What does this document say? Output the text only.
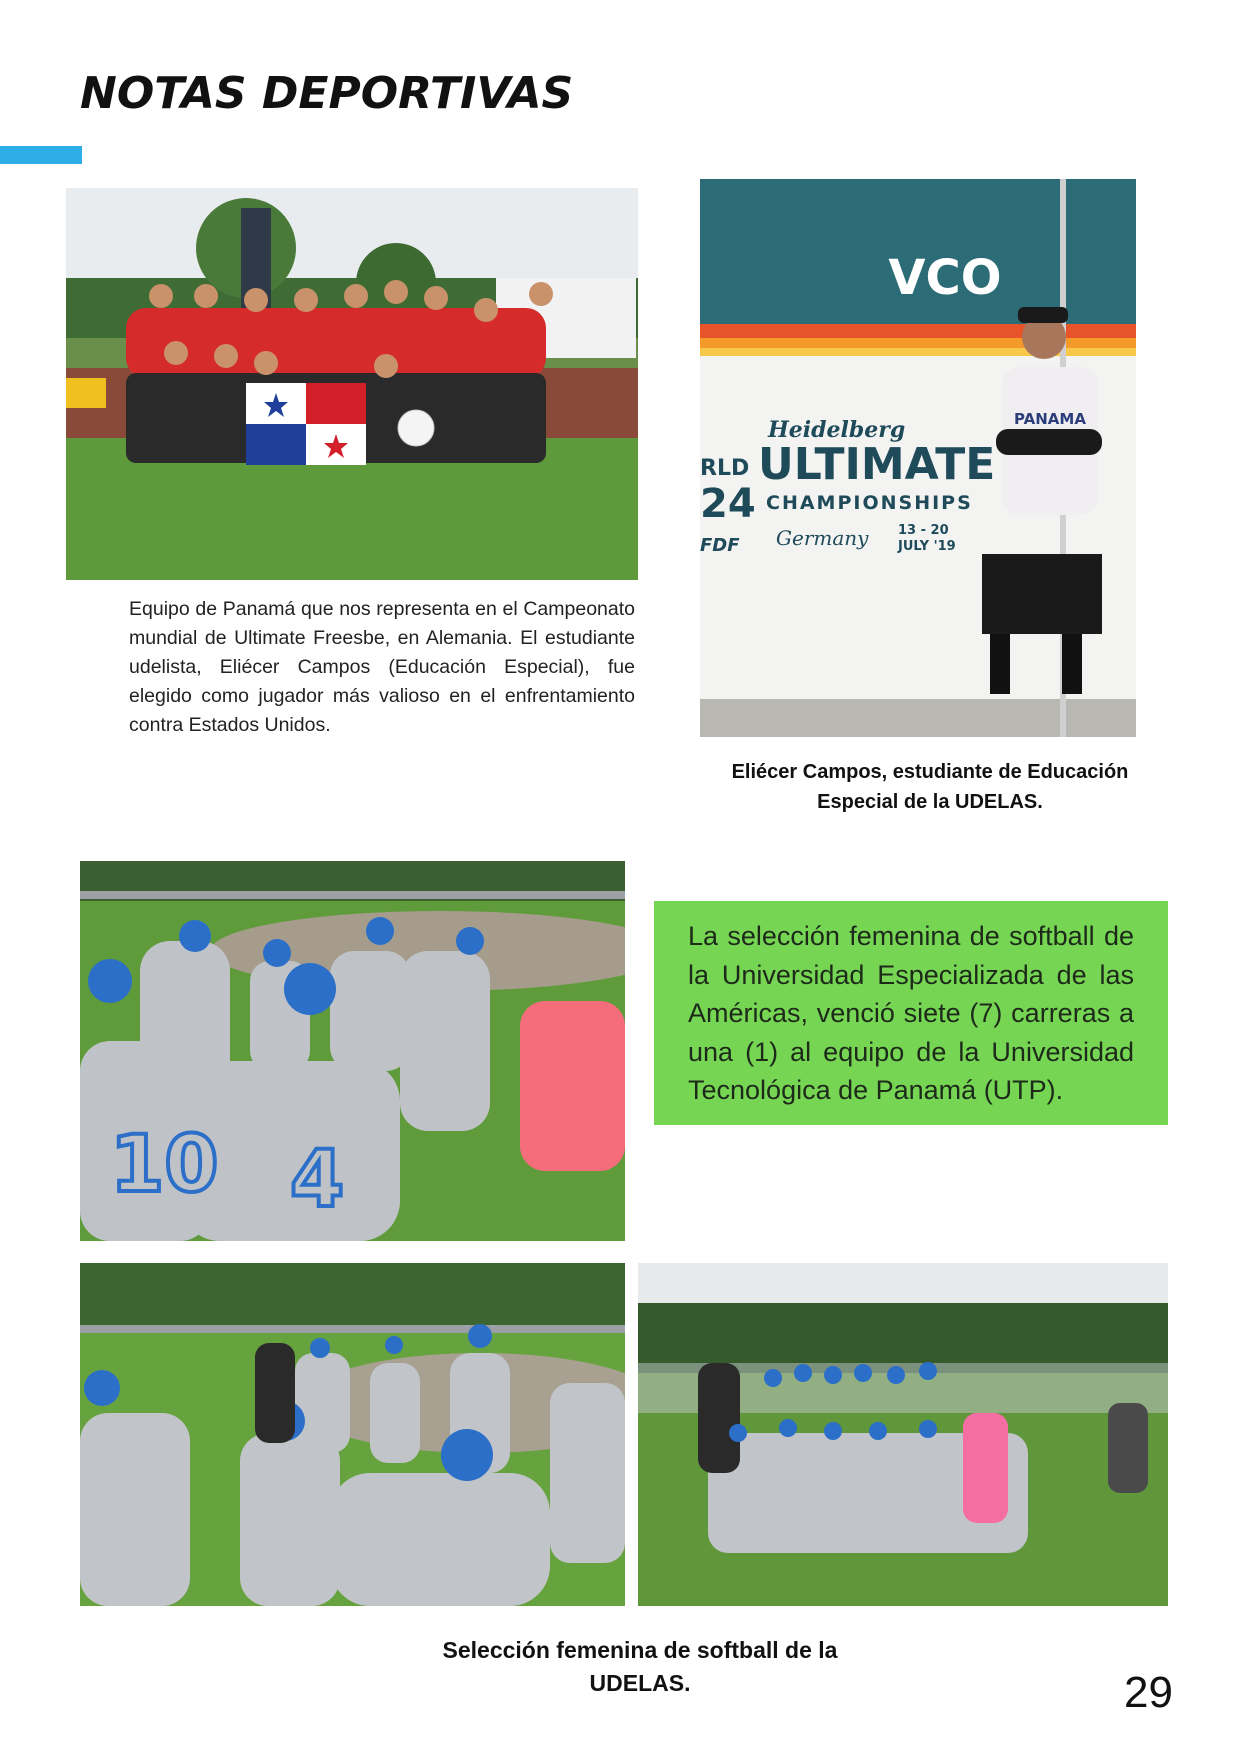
NOTAS DEPORTIVAS
VCO
Heidelberg
RLD ULTIMATE
24 CHAMPIONSHIPS
FDF Germany 13 - 20
JULY '19
PANAMA
Equipo de Panamá que nos representa en el Campeonato mundial de Ultimate Freesbe, en Alemania. El estudiante udelista, Eliécer Campos (Educación Especial), fue elegido como jugador más valioso en el enfrentamiento contra Estados Unidos.
Eliécer Campos, estudiante de Educación Especial de la UDELAS.
10 4

La selección femenina de softball de la Universidad Especializada de las Américas, venció siete (7) carreras a una (1) al equipo de la Universidad Tecnológica de Panamá (UTP).

Selección femenina de softball de la UDELAS.	29
